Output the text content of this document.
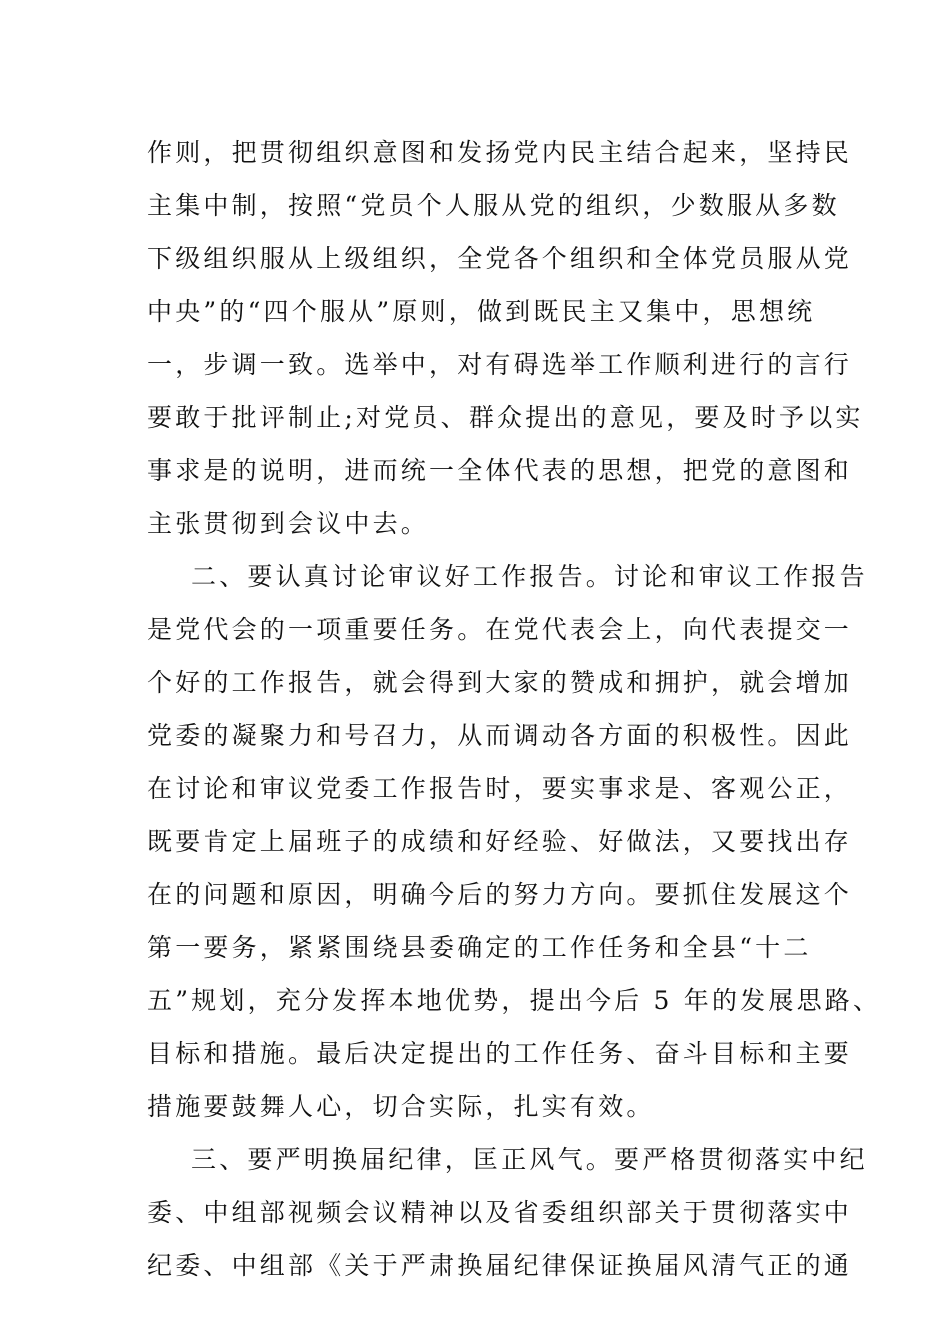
作则，把贯彻组织意图和发扬党内民主结合起来，坚持民
主集中制，按照“党员个人服从党的组织，少数服从多数
下级组织服从上级组织，全党各个组织和全体党员服从党
中央”的“四个服从”原则，做到既民主又集中，思想统
一，步调一致。选举中，对有碍选举工作顺利进行的言行
要敢于批评制止;对党员、群众提出的意见，要及时予以实
事求是的说明，进而统一全体代表的思想，把党的意图和
主张贯彻到会议中去。
二、要认真讨论审议好工作报告。讨论和审议工作报告
是党代会的一项重要任务。在党代表会上，向代表提交一
个好的工作报告，就会得到大家的赞成和拥护，就会增加
党委的凝聚力和号召力，从而调动各方面的积极性。因此
在讨论和审议党委工作报告时，要实事求是、客观公正，
既要肯定上届班子的成绩和好经验、好做法，又要找出存
在的问题和原因，明确今后的努力方向。要抓住发展这个
第一要务，紧紧围绕县委确定的工作任务和全县“十二
五”规划，充分发挥本地优势，提出今后 5 年的发展思路、
目标和措施。最后决定提出的工作任务、奋斗目标和主要
措施要鼓舞人心，切合实际，扎实有效。
三、要严明换届纪律，匡正风气。要严格贯彻落实中纪
委、中组部视频会议精神以及省委组织部关于贯彻落实中
纪委、中组部《关于严肃换届纪律保证换届风清气正的通
